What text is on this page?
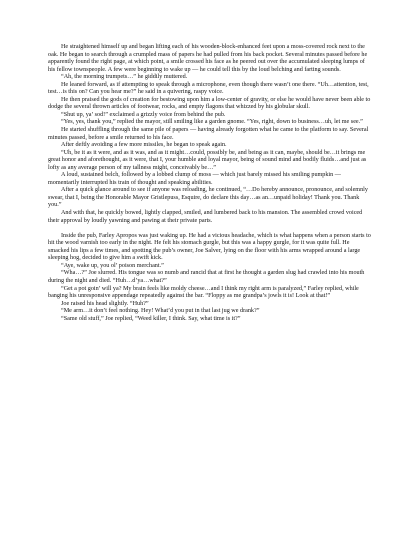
He straightened himself up and began lifting each of his wooden-block-enhanced feet upon a moss-covered rock next to the oak. He began to search through a crumpled mass of papers he had pulled from his back pocket. Several minutes passed before he apparently found the right page, at which point, a smile crossed his face as he peered out over the accumulated sleeping lumps of his fellow townspeople. A few were beginning to wake up — he could tell this by the loud belching and farting sounds.

“Ah, the morning trumpets…” he giddily muttered.

He leaned forward, as if attempting to speak through a microphone, even though there wasn’t one there. “Uh…attention, test, test…is this on? Can you hear me?” he said in a quivering, raspy voice.

He then praised the gods of creation for bestowing upon him a low-center of gravity, or else he would have never been able to dodge the several thrown articles of footwear, rocks, and empty flagons that whizzed by his globular skull.

“Shut up, ya’ sod!” exclaimed a grizzly voice from behind the pub.

“Yes, yes, thank you,” replied the mayor, still smiling like a garden gnome. “Yes, right, down to business…uh, let me see.”

He started shuffling through the same pile of papers — having already forgotten what he came to the platform to say. Several minutes passed, before a smile returned to his face.

After deftly avoiding a few more missiles, he began to speak again.

“Uh, be it as it were, and as it was, and as it might…could, possibly be, and being as it can, maybe, should be…it brings me great honor and aforethought, as it were, that I, your humble and loyal mayor, being of sound mind and bodily fluids…and just as lofty as any average person of my tallness might, conceivably be…”

A loud, sustained belch, followed by a lobbed clump of moss — which just barely missed his smiling pumpkin — momentarily interrupted his train of thought and speaking abilities.

After a quick glance around to see if anyone was reloading, he continued, “…Do hereby announce, pronounce, and solemnly swear, that I, being the Honorable Mayor Gristlepuss, Esquire, do declare this day…as an…unpaid holiday! Thank you. Thank you.”

And with that, he quickly bowed, lightly clapped, smiled, and lumbered back to his mansion. The assembled crowd voiced their approval by loudly yawning and pawing at their private parts.

Inside the pub, Farley Apropos was just waking up. He had a vicious headache, which is what happens when a person starts to hit the wood varnish too early in the night. He felt his stomach gurgle, but this was a happy gurgle, for it was quite full. He smacked his lips a few times, and spotting the pub’s owner, Joe Salver, lying on the floor with his arms wrapped around a large sleeping hog, decided to give him a swift kick.

“Aye, wake up, you ol’ poison merchant.”

“Wha…?” Joe slurred. His tongue was so numb and rancid that at first he thought a garden slug had crawled into his mouth during the night and died. “Huh…d’ya…what?”

“Get a pot goin’ will ya? My brain feels like moldy cheese…and I think my right arm is paralyzed,” Farley replied, while banging his unresponsive appendage repeatedly against the bar. “Floppy as me grandpa’s jowls it is! Look at that!”

Joe raised his head slightly. “Huh?”

“Me arm…it don’t feel nothing. Hey! What’d you put in that last jug we drank?”

“Same old stuff,” Joe replied, “Weed killer, I think. Say, what time is it?”
